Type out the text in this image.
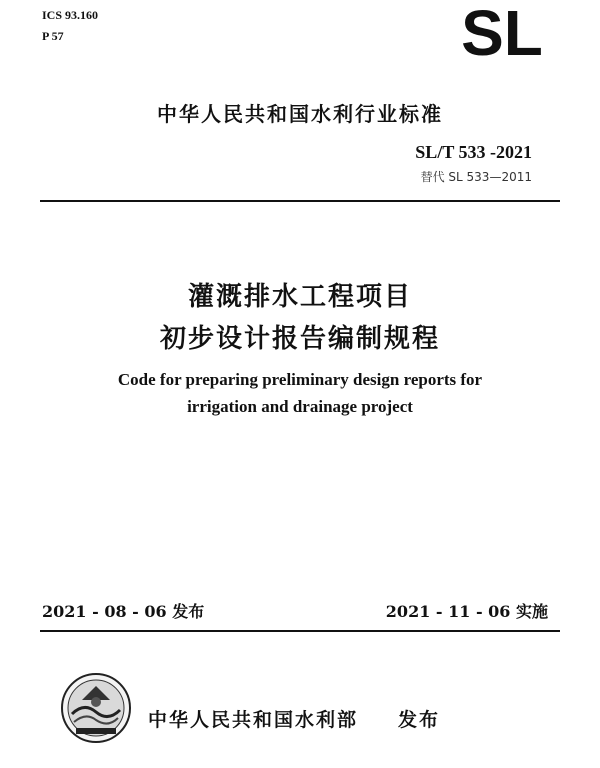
ICS 93.160
P 57	SL
中华人民共和国水利行业标准
SL/T 533 -2021
替代 SL 533—2011
灌溉排水工程项目
初步设计报告编制规程
Code for preparing preliminary design reports for
irrigation and drainage project
2021 - 08 - 06 发布	2021 - 11 - 06 实施
中华人民共和国水利部 发布
